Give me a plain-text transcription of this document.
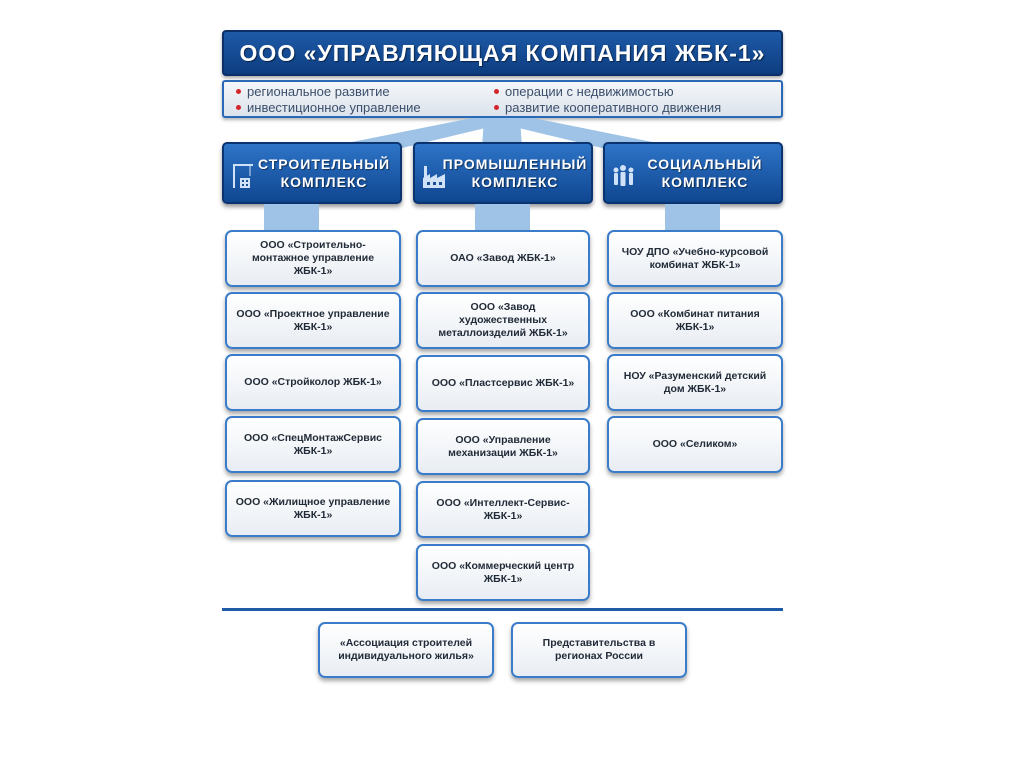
ООО «УПРАВЛЯЮЩАЯ КОМПАНИЯ ЖБК-1»
региональное развитие	операции с недвижимостью
инвестиционное управление	развитие кооперативного движения
СТРОИТЕЛЬНЫЙ КОМПЛЕКС
ПРОМЫШЛЕННЫЙ КОМПЛЕКС
СОЦИАЛЬНЫЙ КОМПЛЕКС
ООО «Строительно-монтажное управление ЖБК-1»
ООО «Проектное управление ЖБК-1»
ООО «Стройколор ЖБК-1»
ООО «СпецМонтажСервис ЖБК-1»
ООО «Жилищное управление ЖБК-1»
ОАО «Завод ЖБК-1»
ООО «Завод художественных металлоизделий ЖБК-1»
ООО «Пластсервис ЖБК-1»
ООО «Управление механизации ЖБК-1»
ООО «Интеллект-Сервис-ЖБК-1»
ООО «Коммерческий центр ЖБК-1»
ЧОУ ДПО «Учебно-курсовой комбинат ЖБК-1»
ООО «Комбинат питания ЖБК-1»
НОУ «Разуменский детский дом ЖБК-1»
ООО «Селиком»
«Ассоциация строителей индивидуального жилья»
Представительства в регионах России
